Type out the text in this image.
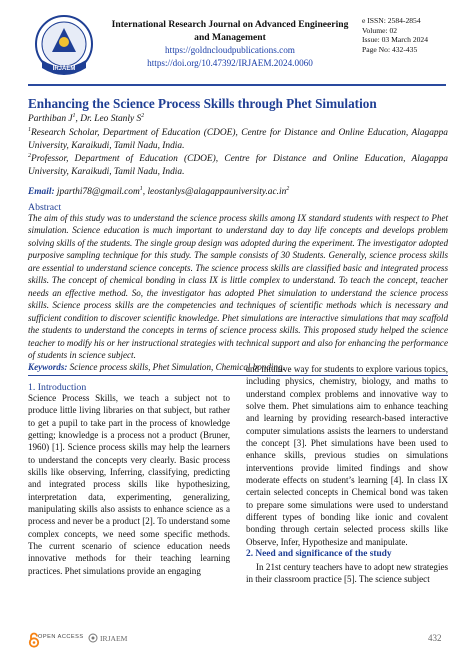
IRJAEM
International Research Journal on Advanced Engineering
and Management
https://goldncloudpublications.com
https://doi.org/10.47392/IRJAEM.2024.0060
e ISSN: 2584-2854
Volume: 02
Issue: 03 March 2024
Page No: 432-435
Enhancing the Science Process Skills through Phet Simulation
Parthiban $J^1$, Dr. Leo Stanly $S^2$
$^1$Research Scholar, Department of Education (CDOE), Centre for Distance and Online Education, Alagappa University, Karaikudi, Tamil Nadu, India.
$^2$Professor, Department of Education (CDOE), Centre for Distance and Online Education, Alagappa University, Karaikudi, Tamil Nadu, India.
Email: jparthi78@gmail.com$^1$, $leostanlys@alagappauniversity.ac.in^2$
Abstract
The aim of this study was to understand the science process skills among IX standard students with respect to Phet simulation. Science education is much important to understand day to day life concepts and develops problem solving skills of the students. The single group design was adopted during the experiment. The investigator adopted purposive sampling technique for this study. The sample consists of 30 Students. Generally, science process skills are essential to understand science concepts. The science process skills are classified basic and integrated process skills. The concept of chemical bonding in class IX is little complex to understand. To teach the concept, teacher needs an effective method. So, the investigator has adopted Phet simulation to understand the science process skills. Science process skills are the competencies and techniques of scientific methods which is necessary and sufficient condition to discover scientific knowledge. Phet simulations are interactive simulations that may scaffold the students to understand the concepts in terms of science process skills. This proposed study helped the science teacher to modify his or her instructional strategies with technical support and also for enhancing the performance of students in science subject.
Keywords: Science process skills, Phet Simulation, Chemical bonding.
1. Introduction
Science Process Skills, we teach a subject not to produce little living libraries on that subject, but rather to get a pupil to take part in the process of knowledge getting; knowledge is a process not a product (Bruner, 1960) [1]. Science process skills may help the learners to understand the concepts very clearly. Basic process skills like observing, Inferring, classifying, predicting and integrated process skills like hypothesizing, interpretation data, experimenting, generalizing, manipulating skills also assists to enhance science as a process and never be a product [2]. To understand some complex concepts, we need some specific methods. The current scenario of science education needs innovative methods for their teaching learning practices. Phet simulations provide an engaging
and intuitive way for students to explore various topics, including physics, chemistry, biology, and maths to understand complex problems and innovative way to solve them. Phet simulations aim to enhance teaching and learning by providing research-based interactive computer simulations assists the learners to understand the concept [3]. Phet simulations have been used to enhance skills, previous studies on simulations interventions provide limited findings and show moderate effects on student’s learning [4]. In class IX certain selected concepts in Chemical bond was taken to prepare some simulations were used to understand different types of bonding like ionic and covalent bonding through certain selected process skills like Observe, Infer, Hypothesize and manipulate.
2. Need and significance of the study
In 21st century teachers have to adopt new strategies in their classroom practice [5]. The science subject
OPEN ACCESS IRJAEM	432
